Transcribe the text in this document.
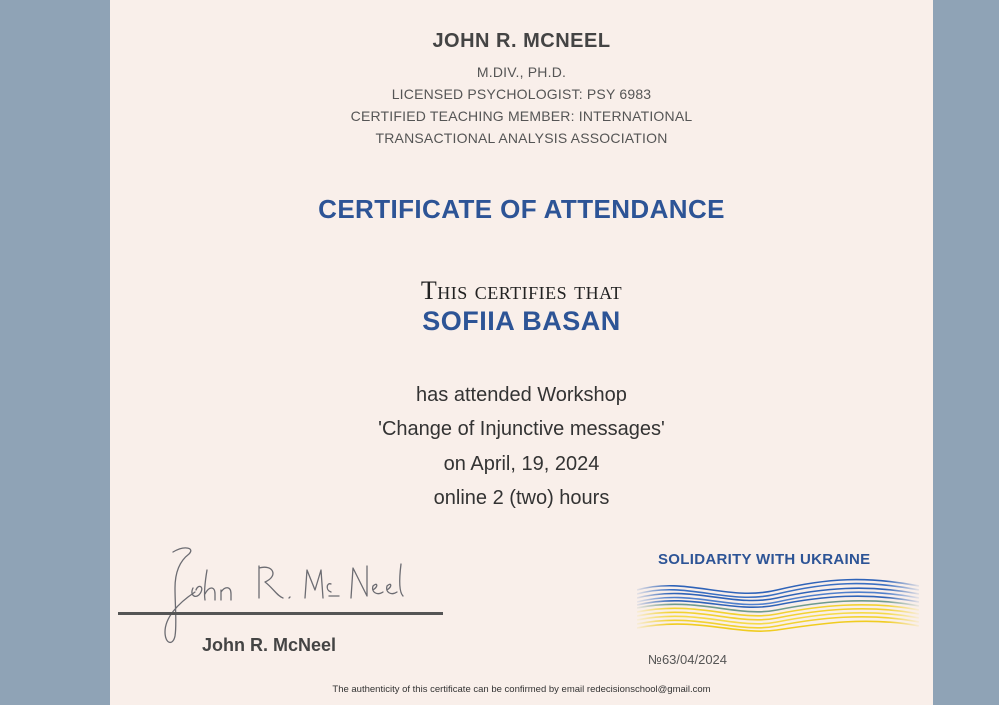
JOHN R. MCNEEL
M.DIV., PH.D.
LICENSED PSYCHOLOGIST: PSY 6983
CERTIFIED TEACHING MEMBER: INTERNATIONAL
TRANSACTIONAL ANALYSIS ASSOCIATION
CERTIFICATE OF ATTENDANCE
This certifies that
SOFIIA BASAN
has attended Workshop
'Change of Injunctive messages'
on April, 19, 2024
online 2 (two) hours
John R. McNeel
SOLIDARITY WITH UKRAINE
№63/04/2024
The authenticity of this certificate can be confirmed by email redecisionschool@gmail.com
